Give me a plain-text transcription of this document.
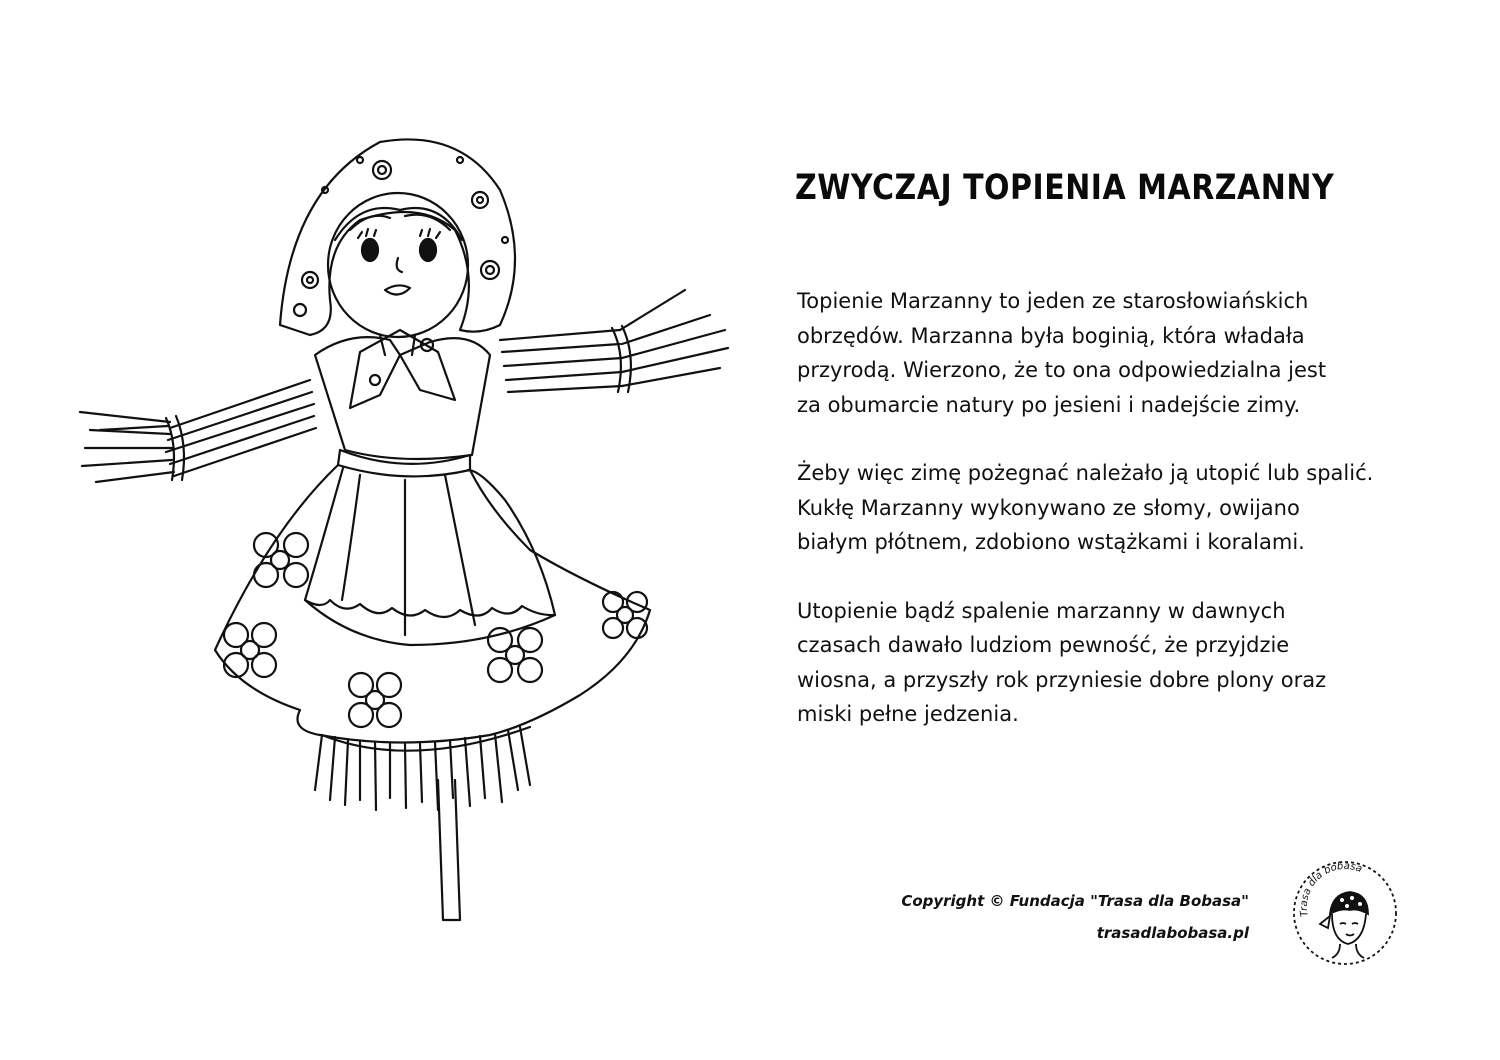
ZWYCZAJ TOPIENIA MARZANNY

Topienie Marzanny to jeden ze starosłowiańskich
obrzędów. Marzanna była boginią, która władała
przyrodą. Wierzono, że to ona odpowiedzialna jest
za obumarcie natury po jesieni i nadejście zimy.

Żeby więc zimę pożegnać należało ją utopić lub spalić.
Kukłę Marzanny wykonywano ze słomy, owijano
białym płótnem, zdobiono wstążkami i koralami.

Utopienie bądź spalenie marzanny w dawnych
czasach dawało ludziom pewność, że przyjdzie
wiosna, a przyszły rok przyniesie dobre plony oraz
miski pełne jedzenia.

Copyright © Fundacja "Trasa dla Bobasa"
trasadlabobasa.pl
Trasa dla bobasa
